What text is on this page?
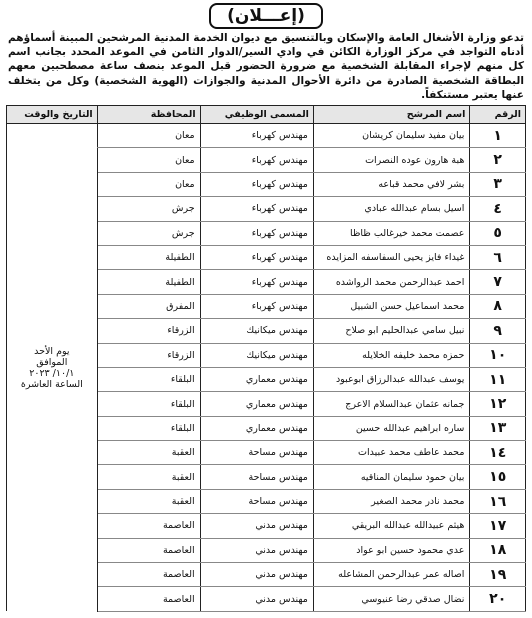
(إعـــلان)
تدعو وزارة الأشغال العامة والإسكان وبالتنسيق مع ديوان الخدمة المدنية المرشحين المبينة أسماؤهم أدناه التواجد في مركز الوزارة الكائن في وادي السير/الدوار الثامن في الموعد المحدد بجانب اسم كل منهم لإجراء المقابلة الشخصية مع ضرورة الحضور قبل الموعد بنصف ساعة مصطحبين معهم البطاقة الشخصية الصادرة من دائرة الأحوال المدنية والجوازات (الهوية الشخصية) وكل من يتخلف عنها يعتبر مستنكفاً.
الرقم	اسم المرشح	المسمى الوظيفي	المحافظة	التاريخ والوقت
١	بيان مفيد سليمان كريشان	مهندس كهرباء	معان	يوم الأحد
الموافق
١٠/١/ ٢٠٢٣
الساعة العاشرة

٢	هبة هارون عوده النصرات	مهندس كهرباء	معان	
٣	بشر لافي محمد قباعه	مهندس كهرباء	معان	
٤	اسيل بسام عبدالله عبادي	مهندس كهرباء	جرش	
٥	عصمت محمد خيرغالب ظاظا	مهندس كهرباء	جرش	
٦	غيداء فايز يحيى السفاسفه المزايده	مهندس كهرباء	الطفيلة	
٧	احمد عبدالرحمن محمد الرواشده	مهندس كهرباء	الطفيلة	
٨	محمد اسماعيل حسن الشبيل	مهندس كهرباء	المفرق	
٩	نبيل سامي عبدالحليم ابو صلاح	مهندس ميكانيك	الزرقاء	
١٠	حمزه محمد خليفه الخلايله	مهندس ميكانيك	الزرقاء	
١١	يوسف عبدالله عبدالرزاق ابوعبود	مهندس معماري	البلقاء	
١٢	جمانه عثمان عبدالسلام الاعرج	مهندس معماري	البلقاء	
١٣	ساره ابراهيم عبدالله حسين	مهندس معماري	البلقاء	
١٤	محمد عاطف محمد عبيدات	مهندس مساحة	العقبة	
١٥	بيان حمود سليمان المناقيه	مهندس مساحة	العقبة	
١٦	محمد نادر محمد الصغير	مهندس مساحة	العقبة	
١٧	هيثم عبيدالله عبدالله البريقي	مهندس مدني	العاصمة	
١٨	عدي محمود حسين ابو عواد	مهندس مدني	العاصمة	
١٩	اصاله عمر عبدالرحمن المشاعله	مهندس مدني	العاصمة	
٢٠	نضال صدقي رضا عنيوسي	مهندس مدني	العاصمة	
